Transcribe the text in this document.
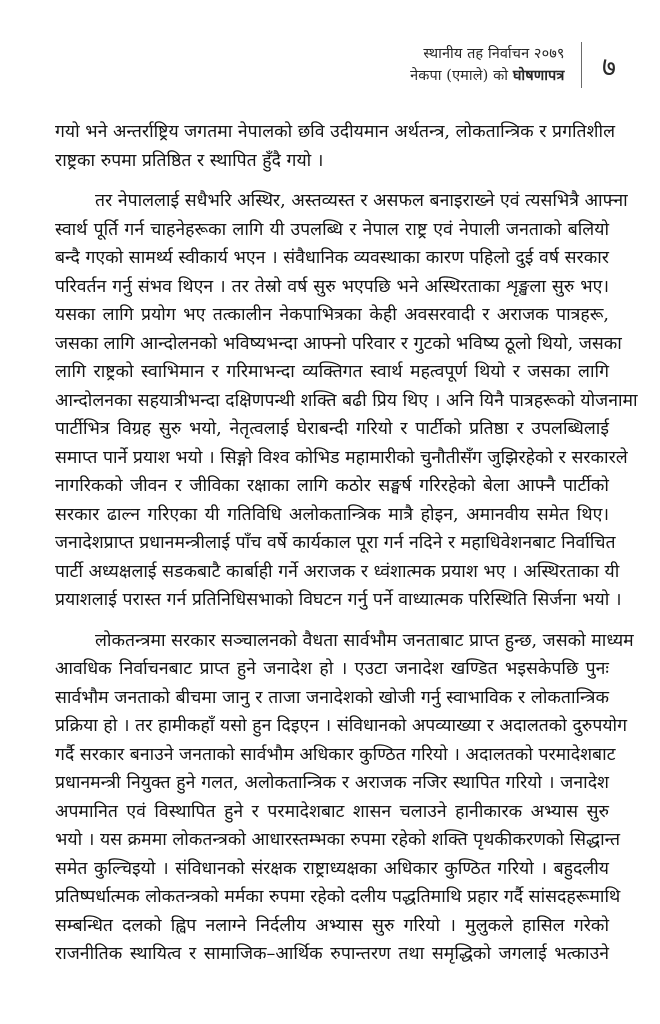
स्थानीय तह निर्वाचन २०७९
नेकपा (एमाले) को घोषणापत्र ७
गयो भने अन्तर्राष्ट्रिय जगतमा नेपालको छवि उदीयमान अर्थतन्त्र, लोकतान्त्रिक र प्रगतिशील
राष्ट्रका रुपमा प्रतिष्ठित र स्थापित हुँदै गयो ।
तर नेपाललाई सधैभरि अस्थिर, अस्तव्यस्त र असफल बनाइराख्ने एवं त्यसभित्रै आफ्ना
स्वार्थ पूर्ति गर्न चाहनेहरूका लागि यी उपलब्धि र नेपाल राष्ट्र एवं नेपाली जनताको बलियो
बन्दै गएको सामर्थ्य स्वीकार्य भएन । संवैधानिक व्यवस्थाका कारण पहिलो दुई वर्ष सरकार
परिवर्तन गर्नु संभव थिएन । तर तेस्रो वर्ष सुरु भएपछि भने अस्थिरताका शृङ्खला सुरु भए।
यसका लागि प्रयोग भए तत्कालीन नेकपाभित्रका केही अवसरवादी र अराजक पात्रहरू,
जसका लागि आन्दोलनको भविष्यभन्दा आफ्नो परिवार र गुटको भविष्य ठूलो थियो, जसका
लागि राष्ट्रको स्वाभिमान र गरिमाभन्दा व्यक्तिगत स्वार्थ महत्वपूर्ण थियो र जसका लागि
आन्दोलनका सहयात्रीभन्दा दक्षिणपन्थी शक्ति बढी प्रिय थिए । अनि यिनै पात्रहरूको योजनामा
पार्टीभित्र विग्रह सुरु भयो, नेतृत्वलाई घेराबन्दी गरियो र पार्टीको प्रतिष्ठा र उपलब्धिलाई
समाप्त पार्ने प्रयाश भयो । सिङ्गो विश्व कोभिड महामारीको चुनौतीसँग जुझिरहेको र सरकारले
नागरिकको जीवन र जीविका रक्षाका लागि कठोर सङ्घर्ष गरिरहेको बेला आफ्नै पार्टीको
सरकार ढाल्न गरिएका यी गतिविधि अलोकतान्त्रिक मात्रै होइन, अमानवीय समेत थिए।
जनादेशप्राप्त प्रधानमन्त्रीलाई पाँच वर्षे कार्यकाल पूरा गर्न नदिने र महाधिवेशनबाट निर्वाचित
पार्टी अध्यक्षलाई सडकबाटै कार्बाही गर्ने अराजक र ध्वंशात्मक प्रयाश भए । अस्थिरताका यी
प्रयाशलाई परास्त गर्न प्रतिनिधिसभाको विघटन गर्नु पर्ने वाध्यात्मक परिस्थिति सिर्जना भयो ।
लोकतन्त्रमा सरकार सञ्चालनको वैधता सार्वभौम जनताबाट प्राप्त हुन्छ, जसको माध्यम
आवधिक निर्वाचनबाट प्राप्त हुने जनादेश हो । एउटा जनादेश खण्डित भइसकेपछि पुनः
सार्वभौम जनताको बीचमा जानु र ताजा जनादेशको खोजी गर्नु स्वाभाविक र लोकतान्त्रिक
प्रक्रिया हो । तर हामीकहाँ यसो हुन दिइएन । संविधानको अपव्याख्या र अदालतको दुरुपयोग
गर्दै सरकार बनाउने जनताको सार्वभौम अधिकार कुण्ठित गरियो । अदालतको परमादेशबाट
प्रधानमन्त्री नियुक्त हुने गलत, अलोकतान्त्रिक र अराजक नजिर स्थापित गरियो । जनादेश
अपमानित एवं विस्थापित हुने र परमादेशबाट शासन चलाउने हानीकारक अभ्यास सुरु
भयो । यस क्रममा लोकतन्त्रको आधारस्तम्भका रुपमा रहेको शक्ति पृथकीकरणको सिद्धान्त
समेत कुल्चिइयो । संविधानको संरक्षक राष्ट्राध्यक्षका अधिकार कुण्ठित गरियो । बहुदलीय
प्रतिष्पर्धात्मक लोकतन्त्रको मर्मका रुपमा रहेको दलीय पद्धतिमाथि प्रहार गर्दै सांसदहरूमाथि
सम्बन्धित दलको ह्विप नलाग्ने निर्दलीय अभ्यास सुरु गरियो । मुलुकले हासिल गरेको
राजनीतिक स्थायित्व र सामाजिक–आर्थिक रुपान्तरण तथा समृद्धिको जगलाई भत्काउने
